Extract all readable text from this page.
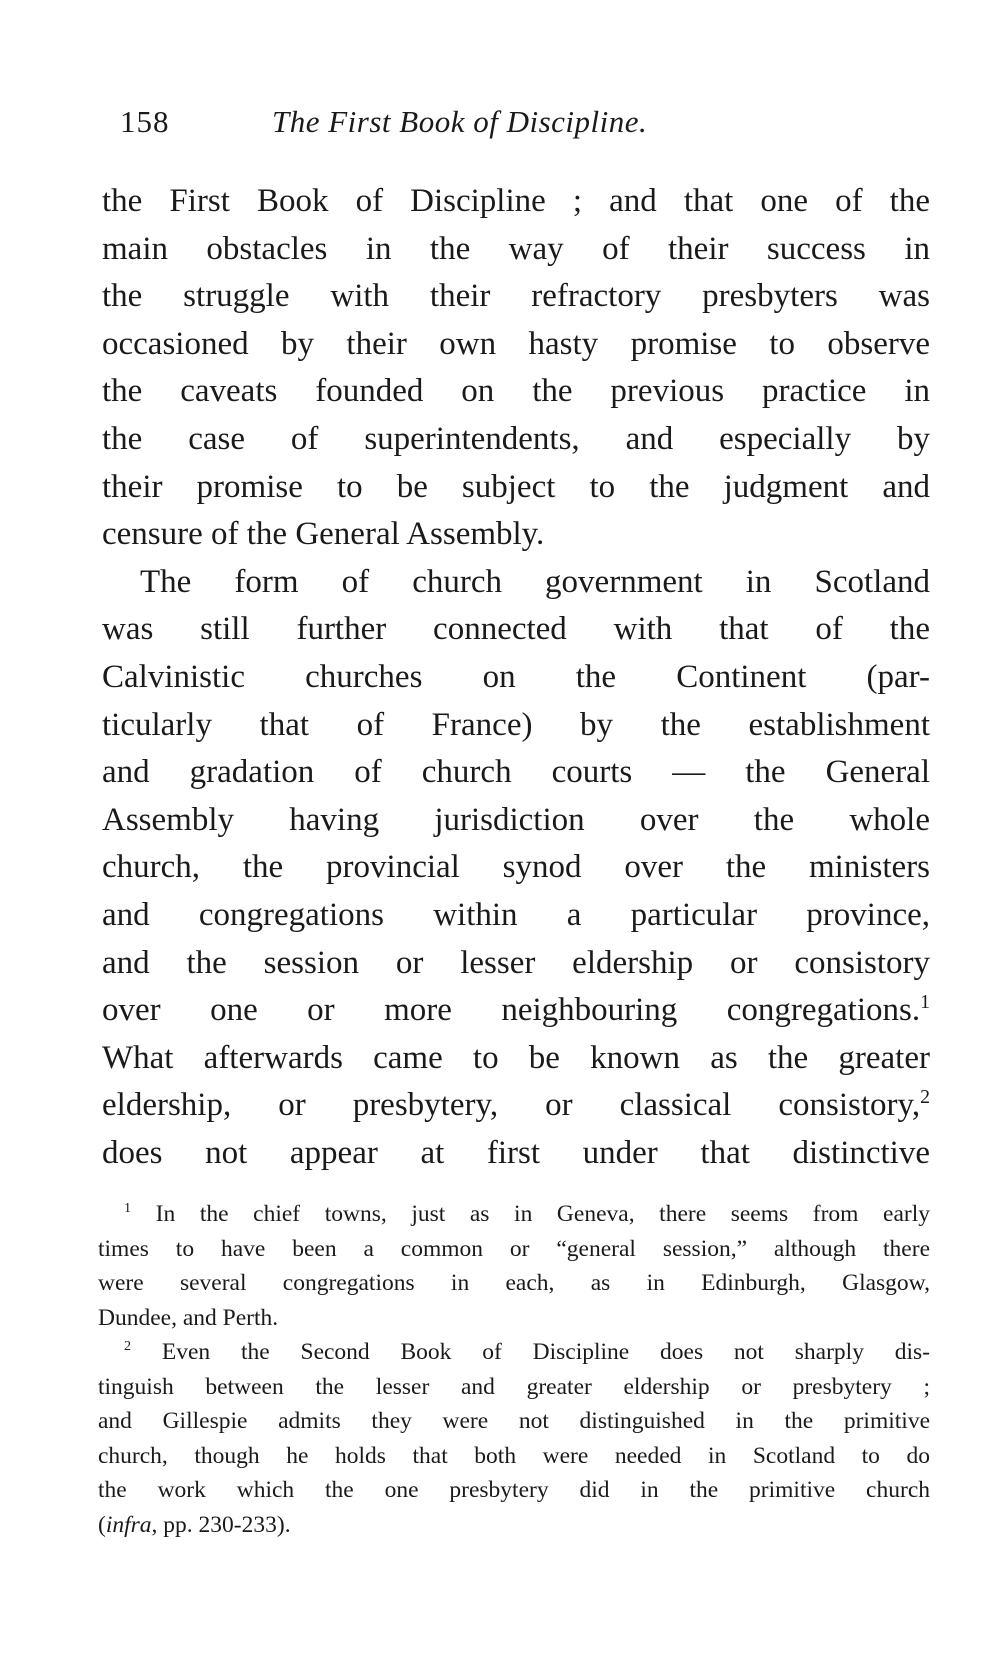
158	The First Book of Discipline.
the First Book of Discipline ; and that one of the
main obstacles in the way of their success in
the struggle with their refractory presbyters was
occasioned by their own hasty promise to observe
the caveats founded on the previous practice in
the case of superintendents, and especially by
their promise to be subject to the judgment and
censure of the General Assembly.
The form of church government in Scotland
was still further connected with that of the
Calvinistic churches on the Continent (par-
ticularly that of France) by the establishment
and gradation of church courts — the General
Assembly having jurisdiction over the whole
church, the provincial synod over the ministers
and congregations within a particular province,
and the session or lesser eldership or consistory
over one or more neighbouring congregations.$^1$
What afterwards came to be known as the greater
eldership, or presbytery, or classical consistory,$^2$
does not appear at first under that distinctive
$^1$ In the chief towns, just as in Geneva, there seems from early
times to have been a common or “general session,” although there
were several congregations in each, as in Edinburgh, Glasgow,
Dundee, and Perth.
$^2$ Even the Second Book of Discipline does not sharply dis-
tinguish between the lesser and greater eldership or presbytery ;
and Gillespie admits they were not distinguished in the primitive
church, though he holds that both were needed in Scotland to do
the work which the one presbytery did in the primitive church
(infra, pp. 230-233).
